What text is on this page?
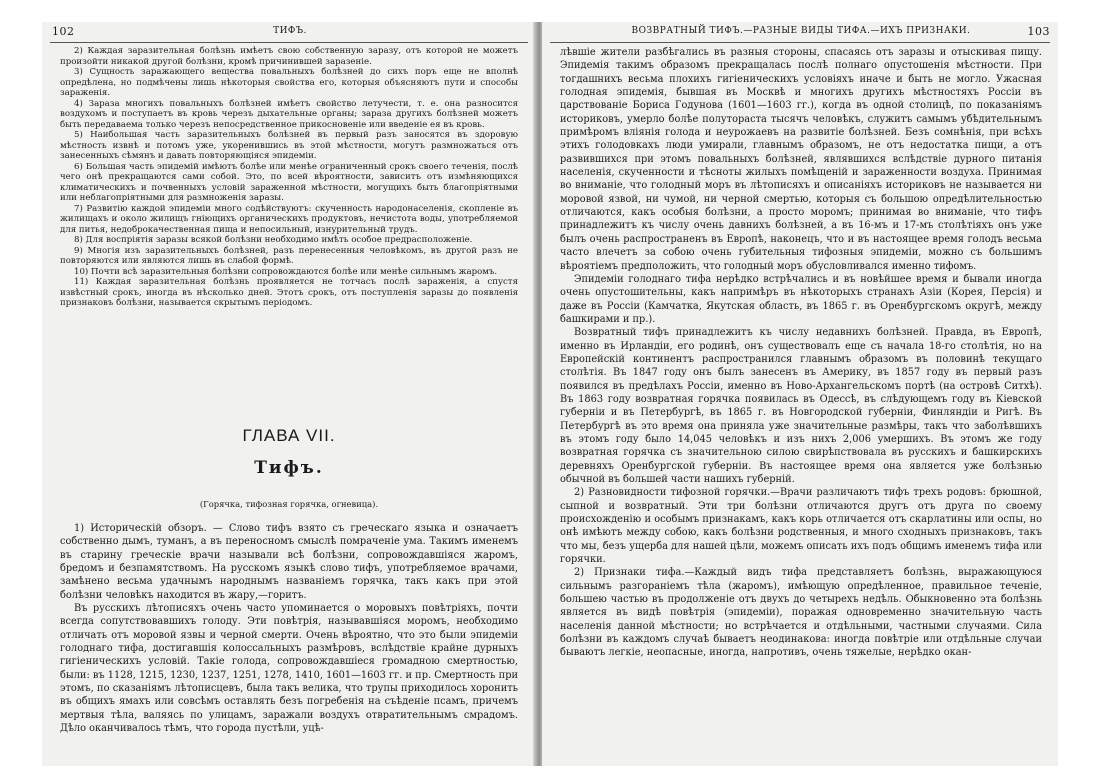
102	ТИФЪ.

2) Каждая заразительная болѣзнь имѣетъ свою собственную заразу, отъ которой не можетъ произойти никакой другой болѣзни, кромѣ причинившей заразеніе.

3) Сущность заражающего вещества повальныхъ болѣзней до сихъ поръ еще не вполнѣ опредѣлена, но подмѣчены лишь нѣкоторыя свойства его, которыя объясняютъ пути и способы зараженія.

4) Зараза многихъ повальныхъ болѣзней имѣетъ свойство летучести, т. е. она разносится воздухомъ и поступаетъ въ кровь черезъ дыхательные органы; зараза другихъ болѣзней можетъ быть передаваема только черезъ непосредственное прикосновеніе или введеніе ея въ кровь.

5) Наибольшая часть заразительныхъ болѣзней въ первый разъ заносятся въ здоровую мѣстность извнѣ и потомъ уже, укоренившись въ этой мѣстности, могутъ размножаться отъ занесенныхъ сѣмянъ и давать повторяющіяся эпидеміи.

6) Большая часть эпидемій имѣютъ болѣе или менѣе ограниченный срокъ своего теченія, послѣ чего онѣ прекращаются сами собой. Это, по всей вѣроятности, зависитъ отъ измѣняющихся климатическихъ и почвенныхъ условій зараженной мѣстности, могущихъ быть благопріятными или неблагопріятными для размноженія заразы.

7) Развитію каждой эпидеміи много содѣйствуютъ: скученность народонаселенія, скопленіе въ жилищахъ и около жилищъ гніющихъ органическихъ продуктовъ, нечистота воды, употребляемой для питья, недоброкачественная пища и непосильный, изнурительный трудъ.

8) Для воспріятія заразы всякой болѣзни необходимо имѣть особое предрасположеніе.

9) Многія изъ заразительныхъ болѣзней, разъ перенесенныя человѣкомъ, въ другой разъ не повторяются или являются лишь въ слабой формѣ.

10) Почти всѣ заразительныя болѣзни сопровождаются болѣе или менѣе сильнымъ жаромъ.

11) Каждая заразительная болѣзнь проявляется не тотчасъ послѣ зараженія, а спустя извѣстный срокъ, иногда въ нѣсколько дней. Этотъ срокъ, отъ поступленія заразы до появленія признаковъ болѣзни, называется скрытымъ періодомъ.

ГЛАВА VII.
Тифъ.
(Горячка, тифозная горячка, огневица).

1) Историческій обзоръ. — Слово тифъ взято съ греческаго языка и означаетъ собственно дымъ, туманъ, а въ переносномъ смыслѣ помраченіе ума. Такимъ именемъ въ старину греческіе врачи называли всѣ болѣзни, сопровождавшіяся жаромъ, бредомъ и безпамятствомъ. На русскомъ языкѣ слово тифъ, употребляемое врачами, замѣнено весьма удачнымъ народнымъ названіемъ горячка, такъ какъ при этой болѣзни человѣкъ находится въ жару,—горитъ.

Въ русскихъ лѣтописяхъ очень часто упоминается о моровыхъ повѣтріяхъ, почти всегда сопутствовавшихъ голоду. Эти повѣтрія, называвшіяся моромъ, необходимо отличать отъ моровой язвы и черной смерти. Очень вѣроятно, что это были эпидеміи голоднаго тифа, достигавшія колоссальныхъ размѣровъ, вслѣдствіе крайне дурныхъ гигіеническихъ условій. Такіе голода, сопровождавшіеся громадною смертностью, были: въ 1128, 1215, 1230, 1237, 1251, 1278, 1410, 1601—1603 гг. и пр. Смертность при этомъ, по сказаніямъ лѣтописцевъ, была такъ велика, что трупы приходилось хоронить въ общихъ ямахъ или совсѣмъ оставлять безъ погребенія на съѣденіе псамъ, причемъ мертвыя тѣла, валяясь по улицамъ, заражали воздухъ отвратительнымъ смрадомъ. Дѣло оканчивалось тѣмъ, что города пустѣли, уцѣ-

ВОЗВРАТНЫЙ ТИФЪ.—РАЗНЫЕ ВИДЫ ТИФА.—ИХЪ ПРИЗНАКИ.	103

лѣвшіе жители разбѣгались въ разныя стороны, спасаясь отъ заразы и отыскивая пищу. Эпидемія такимъ образомъ прекращалась послѣ полнаго опустошенія мѣстности. При тогдашнихъ весьма плохихъ гигіеническихъ условіяхъ иначе и быть не могло. Ужасная голодная эпидемія, бывшая въ Москвѣ и многихъ другихъ мѣстностяхъ Россіи въ царствованіе Бориса Годунова (1601—1603 гг.), когда въ одной столицѣ, по показаніямъ историковъ, умерло болѣе полутораста тысячъ человѣкъ, служитъ самымъ убѣдительнымъ примѣромъ вліянія голода и неурожаевъ на развитіе болѣзней. Безъ сомнѣнія, при всѣхъ этихъ голодовкахъ люди умирали, главнымъ образомъ, не отъ недостатка пищи, а отъ развившихся при этомъ повальныхъ болѣзней, являвшихся вслѣдствіе дурного питанія населенія, скученности и тѣсноты жилыхъ помѣщеній и зараженности воздуха. Принимая во вниманіе, что голодный моръ въ лѣтописяхъ и описаніяхъ историковъ не называется ни моровой язвой, ни чумой, ни черной смертью, которыя съ большою опредѣлительностью отличаются, какъ особыя болѣзни, а просто моромъ; принимая во вниманіе, что тифъ принадлежитъ къ числу очень давнихъ болѣзней, а въ 16-мъ и 17-мъ столѣтіяхъ онъ уже былъ очень распространенъ въ Европѣ, наконецъ, что и въ настоящее время голодъ весьма часто влечетъ за собою очень губительныя тифозныя эпидеміи, можно съ большимъ вѣроятіемъ предположить, что голодный моръ обусловливался именно тифомъ.

Эпидеміи голоднаго тифа нерѣдко встрѣчались и въ новѣйшее время и бывали иногда очень опустошительны, какъ напримѣръ въ нѣкоторыхъ странахъ Азіи (Корея, Персія) и даже въ Россіи (Камчатка, Якутская область, въ 1865 г. въ Оренбургскомъ округѣ, между башкирами и пр.).

Возвратный тифъ принадлежитъ къ числу недавнихъ болѣзней. Правда, въ Европѣ, именно въ Ирландіи, его родинѣ, онъ существовалъ еще съ начала 18-го столѣтія, но на Европейскій континентъ распространился главнымъ образомъ въ половинѣ текущаго столѣтія. Въ 1847 году онъ былъ занесенъ въ Америку, въ 1857 году въ первый разъ появился въ предѣлахъ Россіи, именно въ Ново-Архангельскомъ портѣ (на островѣ Ситхѣ). Въ 1863 году возвратная горячка появилась въ Одессѣ, въ слѣдующемъ году въ Кіевской губерніи и въ Петербургѣ, въ 1865 г. въ Новгородской губерніи, Финляндіи и Ригѣ. Въ Петербургѣ въ это время она приняла уже значительные размѣры, такъ что заболѣвшихъ въ этомъ году было 14,045 человѣкъ и изъ нихъ 2,006 умершихъ. Въ этомъ же году возвратная горячка съ значительною силою свирѣпствовала въ русскихъ и башкирскихъ деревняхъ Оренбургской губерніи. Въ настоящее время она является уже болѣзнью обычной въ большей части нашихъ губерній.

2) Разновидности тифозной горячки.—Врачи различаютъ тифъ трехъ родовъ: брюшной, сыпной и возвратный. Эти три болѣзни отличаются другъ отъ друга по своему происхожденію и особымъ признакамъ, какъ корь отличается отъ скарлатины или оспы, но онѣ имѣютъ между собою, какъ болѣзни родственныя, и много сходныхъ признаковъ, такъ что мы, безъ ущерба для нашей цѣли, можемъ описать ихъ подъ общимъ именемъ тифа или горячки.

2) Признаки тифа.—Каждый видъ тифа представляетъ болѣзнь, выражающуюся сильнымъ разгораніемъ тѣла (жаромъ), имѣющую опредѣленное, правильное теченіе, большею частью въ продолженіе отъ двухъ до четырехъ недѣль. Обыкновенно эта болѣзнь является въ видѣ повѣтрія (эпидеміи), поражая одновременно значительную часть населенія данной мѣстности; но встрѣчается и отдѣльными, частными случаями. Сила болѣзни въ каждомъ случаѣ бываетъ неодинакова: иногда повѣтріе или отдѣльные случаи бываютъ легкіе, неопасные, иногда, напротивъ, очень тяжелые, нерѣдко окан-
